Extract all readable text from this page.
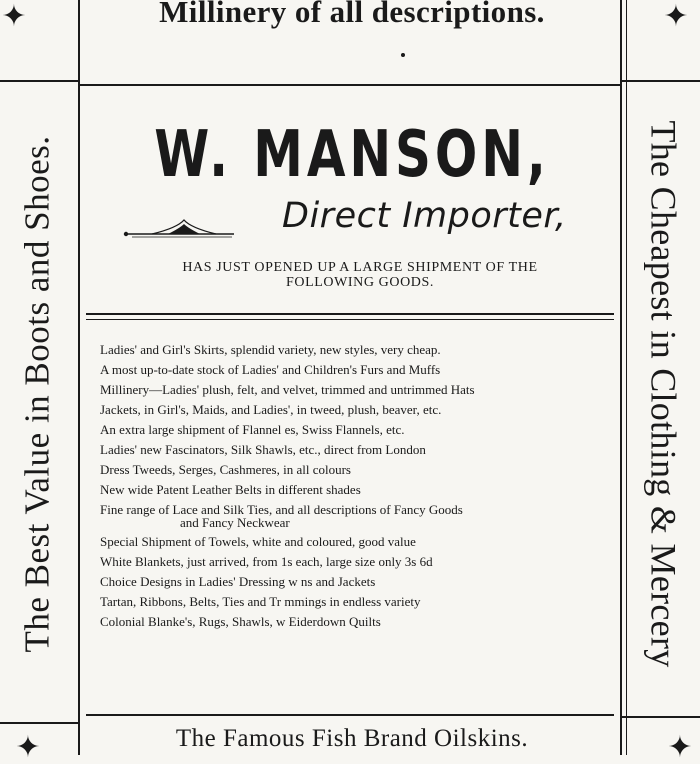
✦	✦
✦	✦
The Best Value in Boots and Shoes.	The Cheapest in Clothing & Mercery
Millinery of all descriptions.
W. MANSON,
Direct Importer,
HAS JUST OPENED UP A LARGE SHIPMENT OF THE
FOLLOWING GOODS.
Ladies' and Girl's Skirts, splendid variety, new styles, very cheap.
A most up-to-date stock of Ladies' and Children's Furs and Muffs
Millinery—Ladies' plush, felt, and velvet, trimmed and untrimmed Hats
Jackets, in Girl's, Maids, and Ladies', in tweed, plush, beaver, etc.
An extra large shipment of Flannel es, Swiss Flannels, etc.
Ladies' new Fascinators, Silk Shawls, etc., direct from London
Dress Tweeds, Serges, Cashmeres, in all colours
New wide Patent Leather Belts in different shades
Fine range of Lace and Silk Ties, and all descriptions of Fancy Goods
and Fancy Neckwear
Special Shipment of Towels, white and coloured, good value
White Blankets, just arrived, from 1s each, large size only 3s 6d
Choice Designs in Ladies' Dressing w ns and Jackets
Tartan, Ribbons, Belts, Ties and Tr mmings in endless variety
Colonial Blanke's, Rugs, Shawls, w Eiderdown Quilts
The Famous Fish Brand Oilskins.
